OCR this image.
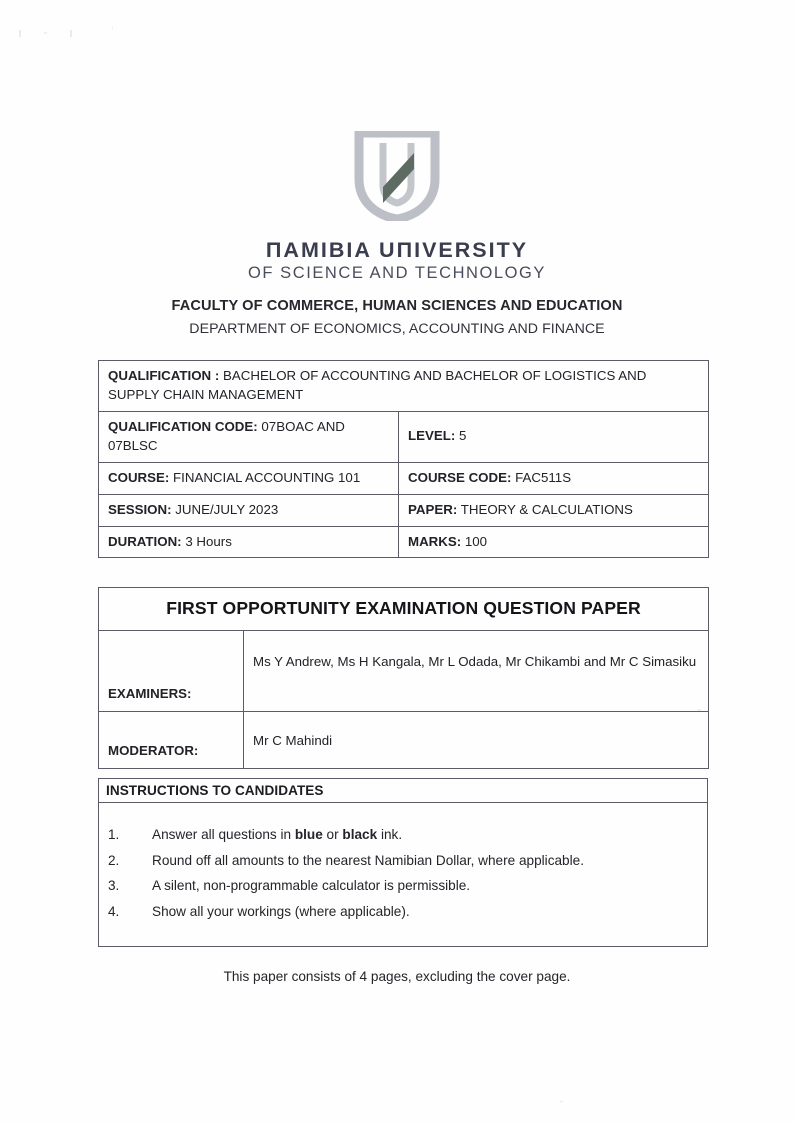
ΠAMIBIA UΠIVERSITY
OF SCIENCE AND TECHNOLOGY
FACULTY OF COMMERCE, HUMAN SCIENCES AND EDUCATION
DEPARTMENT OF ECONOMICS, ACCOUNTING AND FINANCE
QUALIFICATION : BACHELOR OF ACCOUNTING AND BACHELOR OF LOGISTICS AND SUPPLY CHAIN MANAGEMENT	
QUALIFICATION CODE: 07BOAC AND 07BLSC	LEVEL: 5
COURSE: FINANCIAL ACCOUNTING 101	COURSE CODE: FAC511S
SESSION: JUNE/JULY 2023	PAPER: THEORY & CALCULATIONS
DURATION: 3 Hours	MARKS: 100
FIRST OPPORTUNITY EXAMINATION QUESTION PAPER	
EXAMINERS:	Ms Y Andrew, Ms H Kangala, Mr L Odada, Mr Chikambi and Mr C Simasiku
MODERATOR:	Mr C Mahindi
INSTRUCTIONS TO CANDIDATES
1.	Answer all questions in blue or black ink.
2.	Round off all amounts to the nearest Namibian Dollar, where applicable.
3.	A silent, non-programmable calculator is permissible.
4.	Show all your workings (where applicable).
This paper consists of 4 pages, excluding the cover page.
